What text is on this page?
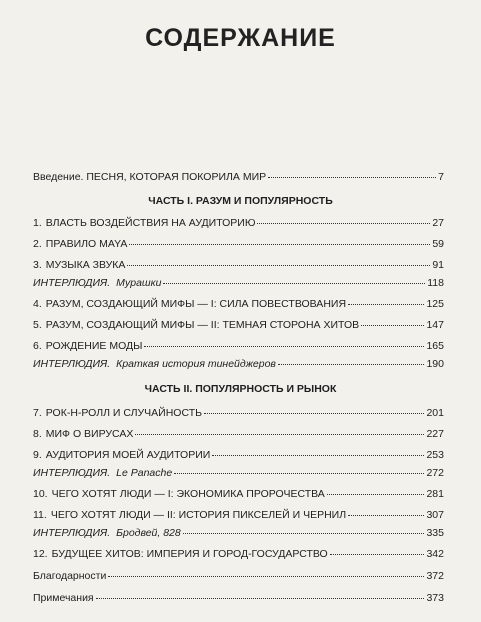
СОДЕРЖАНИЕ
Введение. ПЕСНЯ, КОТОРАЯ ПОКОРИЛА МИР	7
ЧАСТЬ I. РАЗУМ И ПОПУЛЯРНОСТЬ
1. ВЛАСТЬ ВОЗДЕЙСТВИЯ НА АУДИТОРИЮ	27
2. ПРАВИЛО MAYA	59
3. МУЗЫКА ЗВУКА	91
ИНТЕРЛЮДИЯ. Мурашки	118
4. РАЗУМ, СОЗДАЮЩИЙ МИФЫ — I: СИЛА ПОВЕСТВОВАНИЯ	125
5. РАЗУМ, СОЗДАЮЩИЙ МИФЫ — II: ТЕМНАЯ СТОРОНА ХИТОВ	147
6. РОЖДЕНИЕ МОДЫ	165
ИНТЕРЛЮДИЯ. Краткая история тинейджеров	190
ЧАСТЬ II. ПОПУЛЯРНОСТЬ И РЫНОК
7. РОК-Н-РОЛЛ И СЛУЧАЙНОСТЬ	201
8. МИФ О ВИРУСАХ	227
9. АУДИТОРИЯ МОЕЙ АУДИТОРИИ	253
ИНТЕРЛЮДИЯ. Le Panache	272
10. ЧЕГО ХОТЯТ ЛЮДИ — I: ЭКОНОМИКА ПРОРОЧЕСТВА	281
11. ЧЕГО ХОТЯТ ЛЮДИ — II: ИСТОРИЯ ПИКСЕЛЕЙ И ЧЕРНИЛ	307
ИНТЕРЛЮДИЯ. Бродвей, 828	335
12. БУДУЩЕЕ ХИТОВ: ИМПЕРИЯ И ГОРОД-ГОСУДАРСТВО	342
Благодарности	372
Примечания	373
